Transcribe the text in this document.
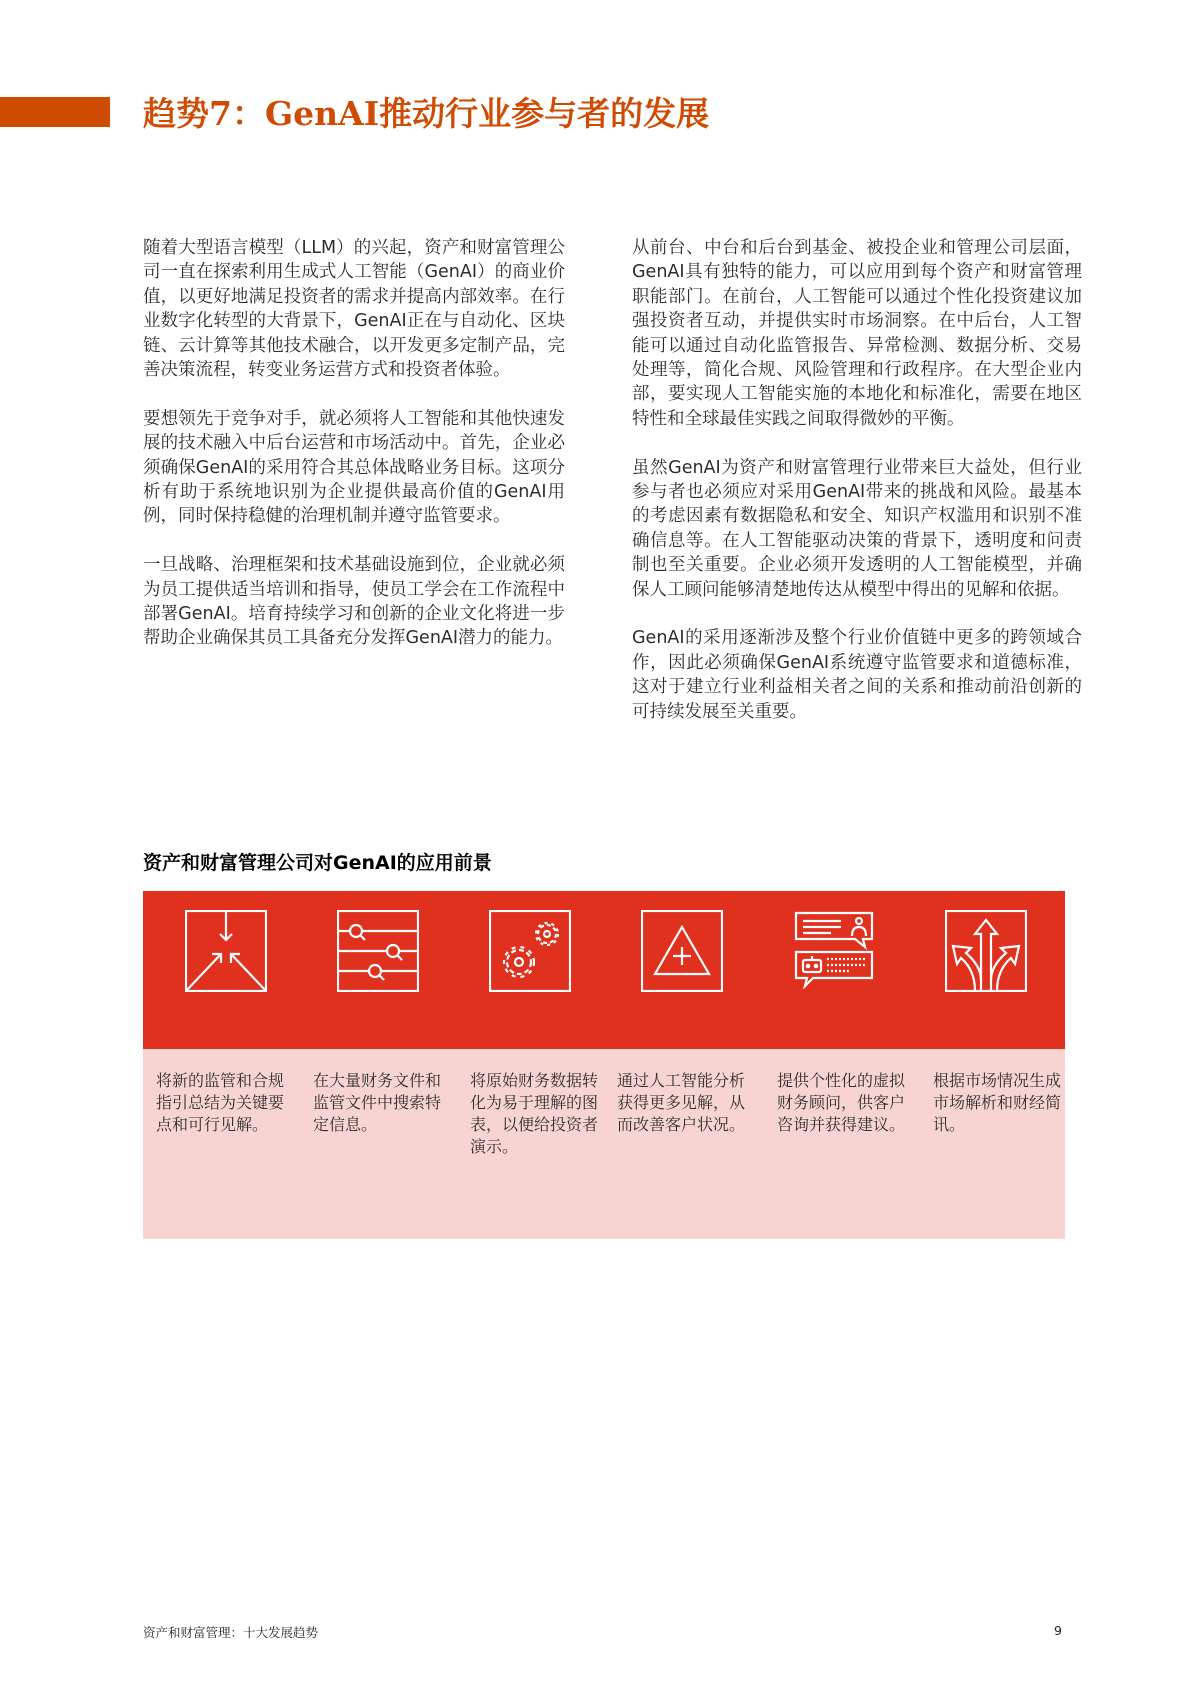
趋势7：GenAI推动行业参与者的发展

随着大型语言模型（LLM）的兴起，资产和财富管理公司一直在探索利用生成式人工智能（GenAI）的商业价值，以更好地满足投资者的需求并提高内部效率。在行业数字化转型的大背景下，GenAI正在与自动化、区块链、云计算等其他技术融合，以开发更多定制产品，完善决策流程，转变业务运营方式和投资者体验。

要想领先于竞争对手，就必须将人工智能和其他快速发展的技术融入中后台运营和市场活动中。首先，企业必须确保GenAI的采用符合其总体战略业务目标。这项分析有助于系统地识别为企业提供最高价值的GenAI用例，同时保持稳健的治理机制并遵守监管要求。

一旦战略、治理框架和技术基础设施到位，企业就必须为员工提供适当培训和指导，使员工学会在工作流程中部署GenAI。培育持续学习和创新的企业文化将进一步帮助企业确保其员工具备充分发挥GenAI潜力的能力。

从前台、中台和后台到基金、被投企业和管理公司层面，GenAI具有独特的能力，可以应用到每个资产和财富管理职能部门。在前台，人工智能可以通过个性化投资建议加强投资者互动，并提供实时市场洞察。在中后台，人工智能可以通过自动化监管报告、异常检测、数据分析、交易处理等，简化合规、风险管理和行政程序。在大型企业内部，要实现人工智能实施的本地化和标准化，需要在地区特性和全球最佳实践之间取得微妙的平衡。

虽然GenAI为资产和财富管理行业带来巨大益处，但行业参与者也必须应对采用GenAI带来的挑战和风险。最基本的考虑因素有数据隐私和安全、知识产权滥用和识别不准确信息等。在人工智能驱动决策的背景下，透明度和问责制也至关重要。企业必须开发透明的人工智能模型，并确保人工顾问能够清楚地传达从模型中得出的见解和依据。

GenAI的采用逐渐涉及整个行业价值链中更多的跨领域合作，因此必须确保GenAI系统遵守监管要求和道德标准，这对于建立行业利益相关者之间的关系和推动前沿创新的可持续发展至关重要。

资产和财富管理公司对GenAI的应用前景
将新的监管和合规指引总结为关键要点和可行见解。
在大量财务文件和监管文件中搜索特定信息。
将原始财务数据转化为易于理解的图表，以便给投资者演示。
通过人工智能分析获得更多见解，从而改善客户状况。
提供个性化的虚拟财务顾问，供客户咨询并获得建议。
根据市场情况生成市场解析和财经简讯。
资产和财富管理：十大发展趋势	9
